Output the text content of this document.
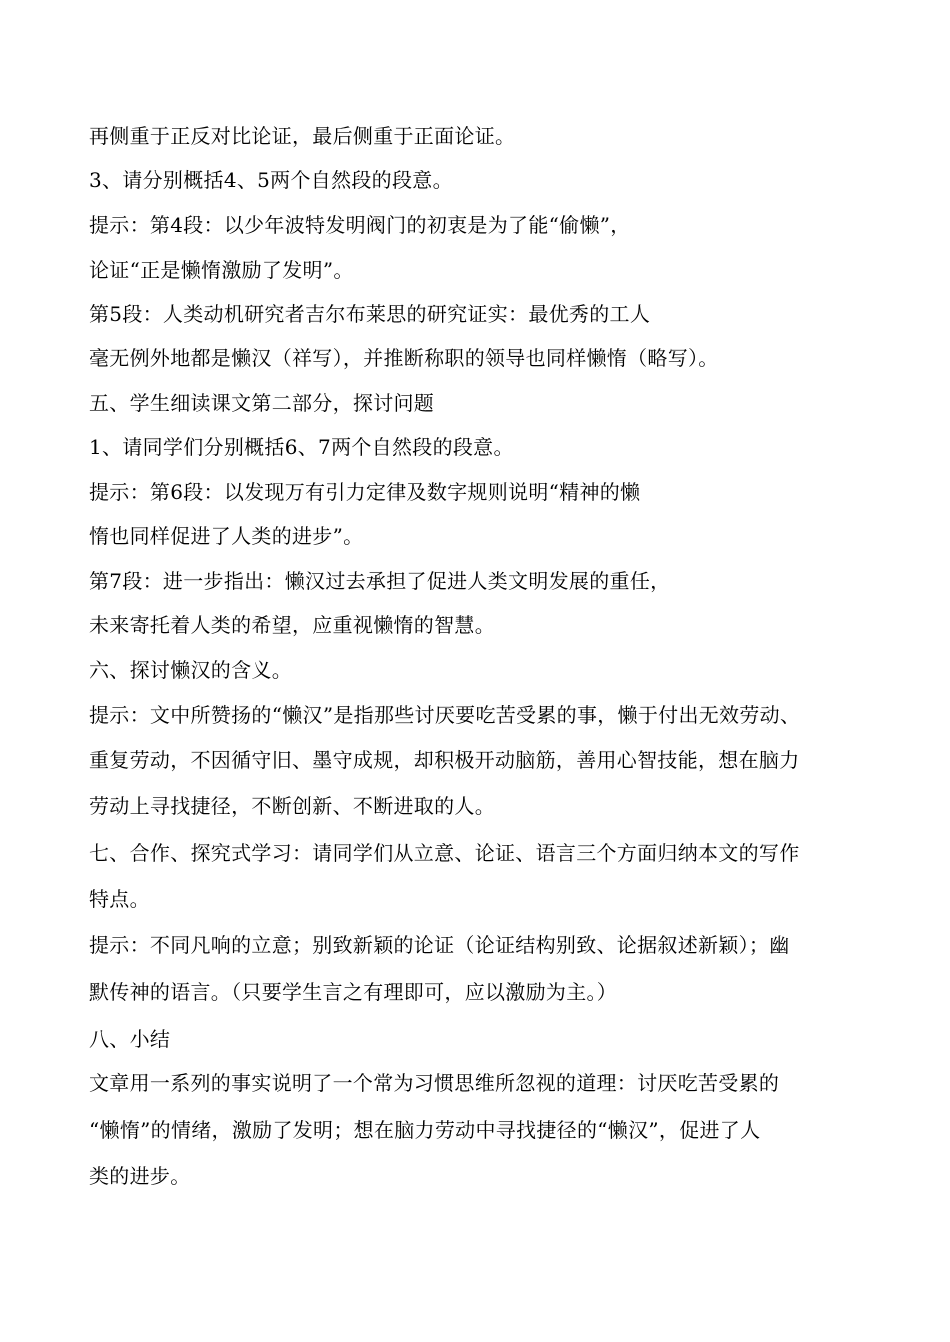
再侧重于正反对比论证，最后侧重于正面论证。
3、请分别概括4、5两个自然段的段意。
提示：第4段：以少年波特发明阀门的初衷是为了能“偷懒”，
论证“正是懒惰激励了发明”。
第5段：人类动机研究者吉尔布莱思的研究证实：最优秀的工人
毫无例外地都是懒汉（祥写），并推断称职的领导也同样懒惰（略写）。
五、学生细读课文第二部分，探讨问题
1、请同学们分别概括6、7两个自然段的段意。
提示：第6段：以发现万有引力定律及数字规则说明“精神的懒
惰也同样促进了人类的进步”。
第7段：进一步指出：懒汉过去承担了促进人类文明发展的重任，
未来寄托着人类的希望，应重视懒惰的智慧。
六、探讨懒汉的含义。
提示：文中所赞扬的“懒汉”是指那些讨厌要吃苦受累的事，懒于付出无效劳动、
重复劳动，不因循守旧、墨守成规，却积极开动脑筋，善用心智技能，想在脑力
劳动上寻找捷径，不断创新、不断进取的人。
七、合作、探究式学习：请同学们从立意、论证、语言三个方面归纳本文的写作
特点。
提示：不同凡响的立意；别致新颖的论证（论证结构别致、论据叙述新颖）；幽
默传神的语言。（只要学生言之有理即可，应以激励为主。）
八、小结
文章用一系列的事实说明了一个常为习惯思维所忽视的道理：讨厌吃苦受累的
“懒惰”的情绪，激励了发明；想在脑力劳动中寻找捷径的“懒汉”，促进了人
类的进步。
